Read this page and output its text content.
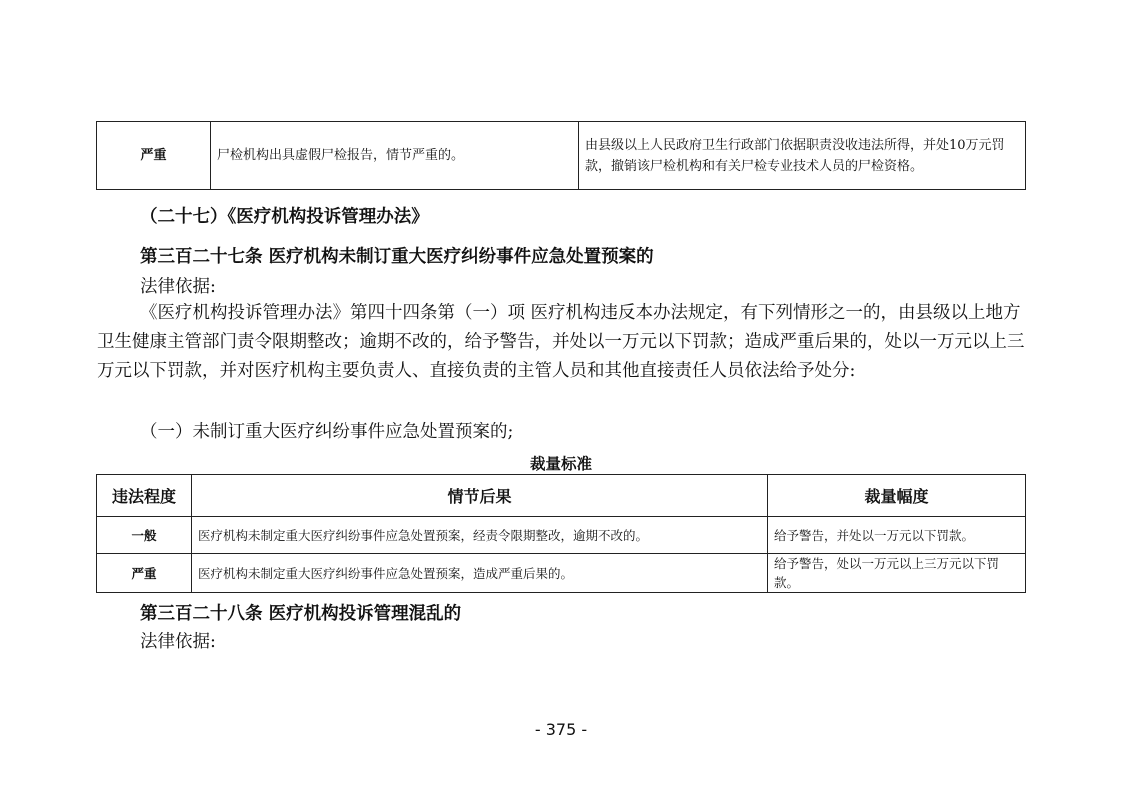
严重	尸检机构出具虚假尸检报告，情节严重的。	由县级以上人民政府卫生行政部门依据职责没收违法所得，并处10万元罚款，撤销该尸检机构和有关尸检专业技术人员的尸检资格。
（二十七）《医疗机构投诉管理办法》
第三百二十七条 医疗机构未制订重大医疗纠纷事件应急处置预案的
法律依据:
《医疗机构投诉管理办法》第四十四条第（一）项 医疗机构违反本办法规定，有下列情形之一的，由县级以上地方卫生健康主管部门责令限期整改；逾期不改的，给予警告，并处以一万元以下罚款；造成严重后果的，处以一万元以上三万元以下罚款，并对医疗机构主要负责人、直接负责的主管人员和其他直接责任人员依法给予处分:
（一）未制订重大医疗纠纷事件应急处置预案的;
裁量标准
违法程度	情节后果	裁量幅度
一般	医疗机构未制定重大医疗纠纷事件应急处置预案，经责令限期整改，逾期不改的。	给予警告，并处以一万元以下罚款。
严重	医疗机构未制定重大医疗纠纷事件应急处置预案，造成严重后果的。	给予警告，处以一万元以上三万元以下罚款。
第三百二十八条 医疗机构投诉管理混乱的
法律依据:
- 375 -
